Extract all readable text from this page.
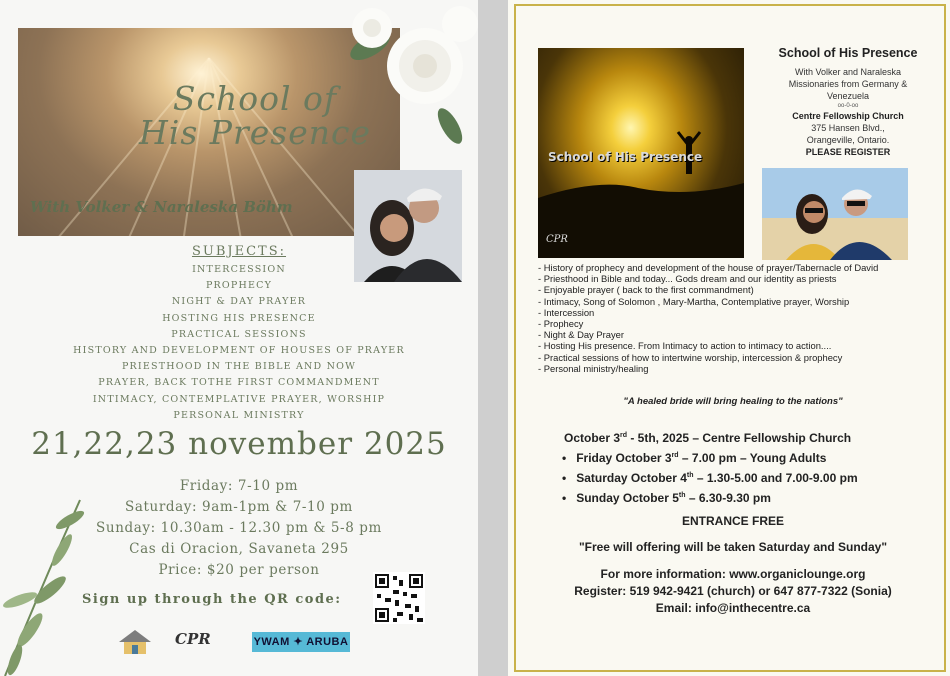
School of
His Presence
With Volker & Naraleska Böhm
SUBJECTS:
INTERCESSION
PROPHECY
NIGHT & DAY PRAYER
HOSTING HIS PRESENCE
PRACTICAL SESSIONS
HISTORY AND DEVELOPMENT OF HOUSES OF PRAYER
PRIESTHOOD IN THE BIBLE AND NOW
PRAYER, BACK TOTHE FIRST COMMANDMENT
INTIMACY, CONTEMPLATIVE PRAYER, WORSHIP
PERSONAL MINISTRY
21,22,23 november 2025
Friday: 7-10 pm
Saturday: 9am-1pm & 7-10 pm
Sunday: 10.30am - 12.30 pm & 5-8 pm
Cas di Oracion, Savaneta 295
Price: $20 per person
Sign up through the QR code:
CPR	YWAM ✦ ARUBA
School of His Presence
CPR
School of His Presence
With Volker and Naraleska
Missionaries from Germany &
Venezuela
oo-0-oo
Centre Fellowship Church
375 Hansen Blvd.,
Orangeville, Ontario.
PLEASE REGISTER
- History of prophecy and development of the house of prayer/Tabernacle of David
- Priesthood in Bible and today... Gods dream and our identity as priests
- Enjoyable prayer ( back to the first commandment)
- Intimacy, Song of Solomon , Mary-Martha, Contemplative prayer, Worship
- Intercession
- Prophecy
- Night & Day Prayer
- Hosting His presence. From Intimacy to action to intimacy to action....
- Practical sessions of how to intertwine worship, intercession & prophecy
- Personal ministry/healing
"A healed bride will bring healing to the nations"
October 3rd - 5th, 2025 – Centre Fellowship Church
• Friday October 3rd – 7.00 pm – Young Adults
• Saturday October 4th – 1.30-5.00 and 7.00-9.00 pm
• Sunday October 5th – 6.30-9.30 pm
ENTRANCE FREE
"Free will offering will be taken Saturday and Sunday"
For more information: www.organiclounge.org
Register: 519 942-9421 (church) or 647 877-7322 (Sonia)
Email: info@inthecentre.ca
